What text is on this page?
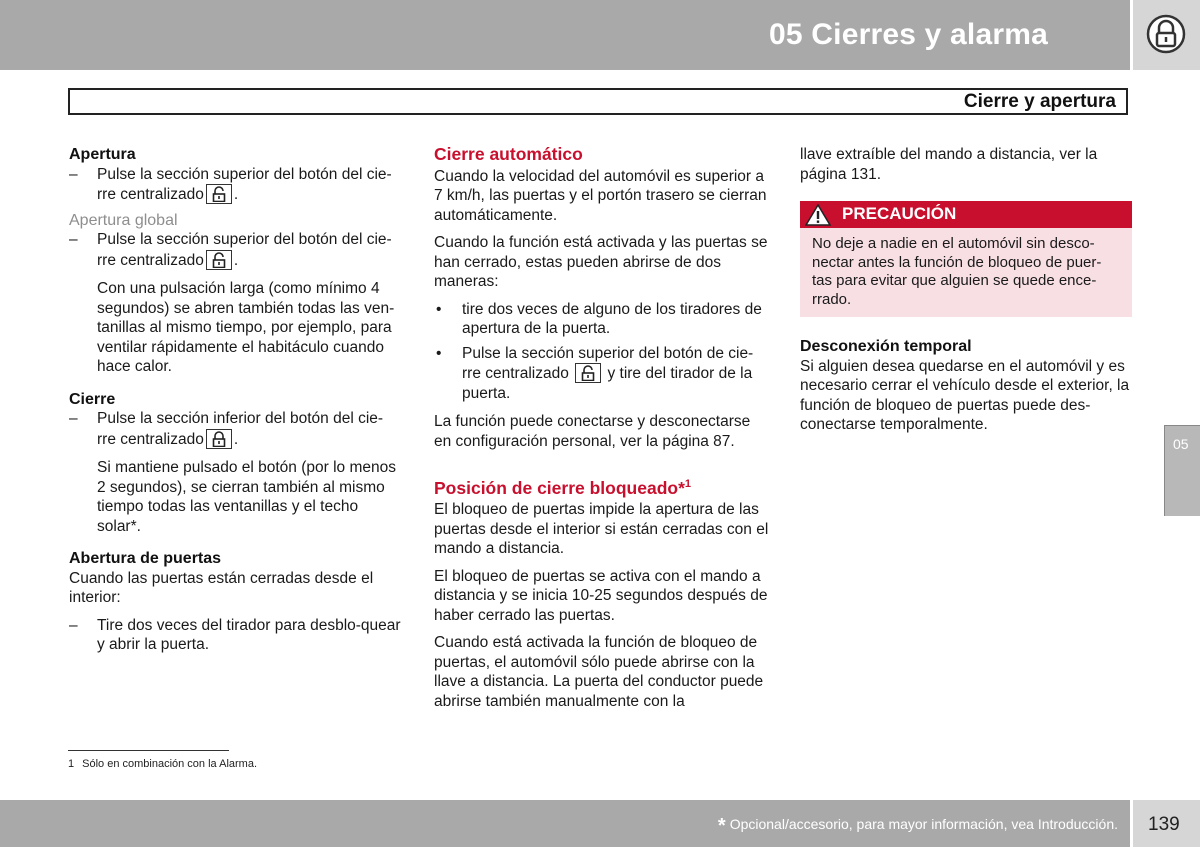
05 Cierres y alarma
Cierre y apertura
Apertura
– Pulse la sección superior del botón del cie-
rre centralizado .
Apertura global
– Pulse la sección superior del botón del cie-
rre centralizado .

Con una pulsación larga (como mínimo 4 segundos) se abren también todas las ven-tanillas al mismo tiempo, por ejemplo, para ventilar rápidamente el habitáculo cuando hace calor.

Cierre
– Pulse la sección inferior del botón del cie-
rre centralizado .

Si mantiene pulsado el botón (por lo menos 2 segundos), se cierran también al mismo tiempo todas las ventanillas y el techo solar*.

Abertura de puertas

Cuando las puertas están cerradas desde el interior:

– Tire dos veces del tirador para desblo-quear y abrir la puerta.
Cierre automático

Cuando la velocidad del automóvil es superior a 7 km/h, las puertas y el portón trasero se cierran automáticamente.

Cuando la función está activada y las puertas se han cerrado, estas pueden abrirse de dos maneras:

• tire dos veces de alguno de los tiradores de apertura de la puerta.
• Pulse la sección superior del botón de cie-rre centralizado y tire del tirador de la puerta.

La función puede conectarse y desconectarse en configuración personal, ver la página 87.

Posición de cierre bloqueado*$^1$

El bloqueo de puertas impide la apertura de las puertas desde el interior si están cerradas con el mando a distancia.

El bloqueo de puertas se activa con el mando a distancia y se inicia 10-25 segundos después de haber cerrado las puertas.

Cuando está activada la función de bloqueo de puertas, el automóvil sólo puede abrirse con la llave a distancia. La puerta del conductor puede abrirse también manualmente con la

llave extraíble del mando a distancia, ver la página 131.

PRECAUCIÓN
No deje a nadie en el automóvil sin desco-nectar antes la función de bloqueo de puer-tas para evitar que alguien se quede ence-rrado.
Desconexión temporal

Si alguien desea quedarse en el automóvil y es necesario cerrar el vehículo desde el exterior, la función de bloqueo de puertas puede des-conectarse temporalmente.

05
1 Sólo en combinación con la Alarma.
* Opcional/accesorio, para mayor información, vea Introducción. 139
